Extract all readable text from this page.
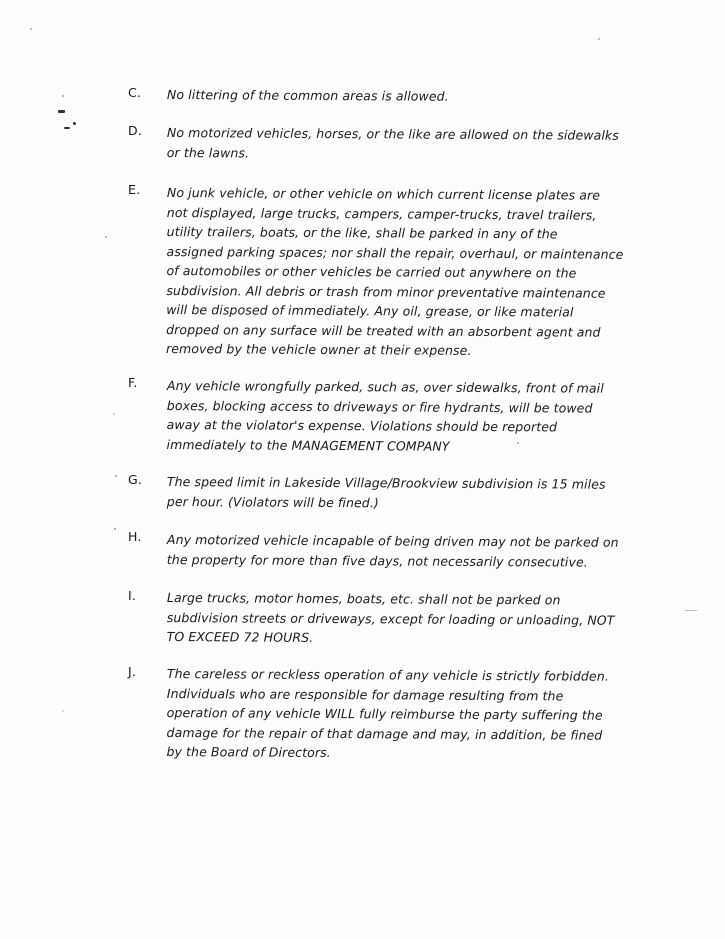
C. No littering of the common areas is allowed.

D. No motorized vehicles, horses, or the like are allowed on the sidewalks

or the lawns.

E. No junk vehicle, or other vehicle on which current license plates are

not displayed, large trucks, campers, camper-trucks, travel trailers,

utility trailers, boats, or the like, shall be parked in any of the

assigned parking spaces; nor shall the repair, overhaul, or maintenance

of automobiles or other vehicles be carried out anywhere on the

subdivision. All debris or trash from minor preventative maintenance

will be disposed of immediately. Any oil, grease, or like material

dropped on any surface will be treated with an absorbent agent and

removed by the vehicle owner at their expense.

F. Any vehicle wrongfully parked, such as, over sidewalks, front of mail

boxes, blocking access to driveways or fire hydrants, will be towed

away at the violator's expense. Violations should be reported

immediately to the MANAGEMENT COMPANY

G. The speed limit in Lakeside Village/Brookview subdivision is 15 miles

per hour. (Violators will be fined.)

H. Any motorized vehicle incapable of being driven may not be parked on

the property for more than five days, not necessarily consecutive.

I. Large trucks, motor homes, boats, etc. shall not be parked on

subdivision streets or driveways, except for loading or unloading, NOT

TO EXCEED 72 HOURS.

J. The careless or reckless operation of any vehicle is strictly forbidden.

Individuals who are responsible for damage resulting from the

operation of any vehicle WILL fully reimburse the party suffering the

damage for the repair of that damage and may, in addition, be fined

by the Board of Directors.
